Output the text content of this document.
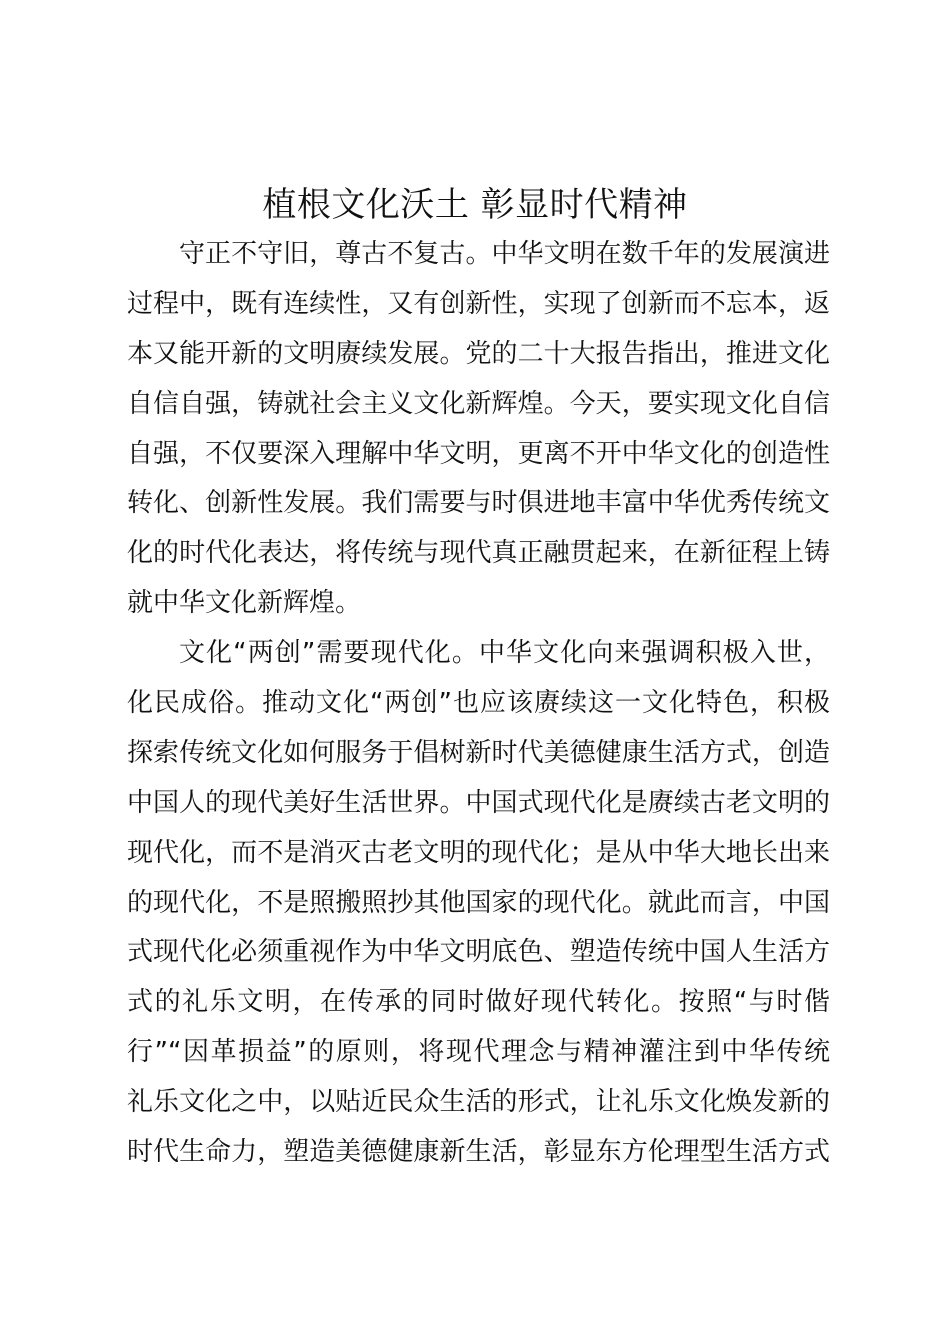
植根文化沃土 彰显时代精神
守正不守旧，尊古不复古。中华文明在数千年的发展演进
过程中，既有连续性，又有创新性，实现了创新而不忘本，返
本又能开新的文明赓续发展。党的二十大报告指出，推进文化
自信自强，铸就社会主义文化新辉煌。今天，要实现文化自信
自强，不仅要深入理解中华文明，更离不开中华文化的创造性
转化、创新性发展。我们需要与时俱进地丰富中华优秀传统文
化的时代化表达，将传统与现代真正融贯起来，在新征程上铸
就中华文化新辉煌。
文化“两创”需要现代化。中华文化向来强调积极入世，
化民成俗。推动文化“两创”也应该赓续这一文化特色，积极
探索传统文化如何服务于倡树新时代美德健康生活方式，创造
中国人的现代美好生活世界。中国式现代化是赓续古老文明的
现代化，而不是消灭古老文明的现代化；是从中华大地长出来
的现代化，不是照搬照抄其他国家的现代化。就此而言，中国
式现代化必须重视作为中华文明底色、塑造传统中国人生活方
式的礼乐文明，在传承的同时做好现代转化。按照“与时偕
行”“因革损益”的原则，将现代理念与精神灌注到中华传统
礼乐文化之中，以贴近民众生活的形式，让礼乐文化焕发新的
时代生命力，塑造美德健康新生活，彰显东方伦理型生活方式
